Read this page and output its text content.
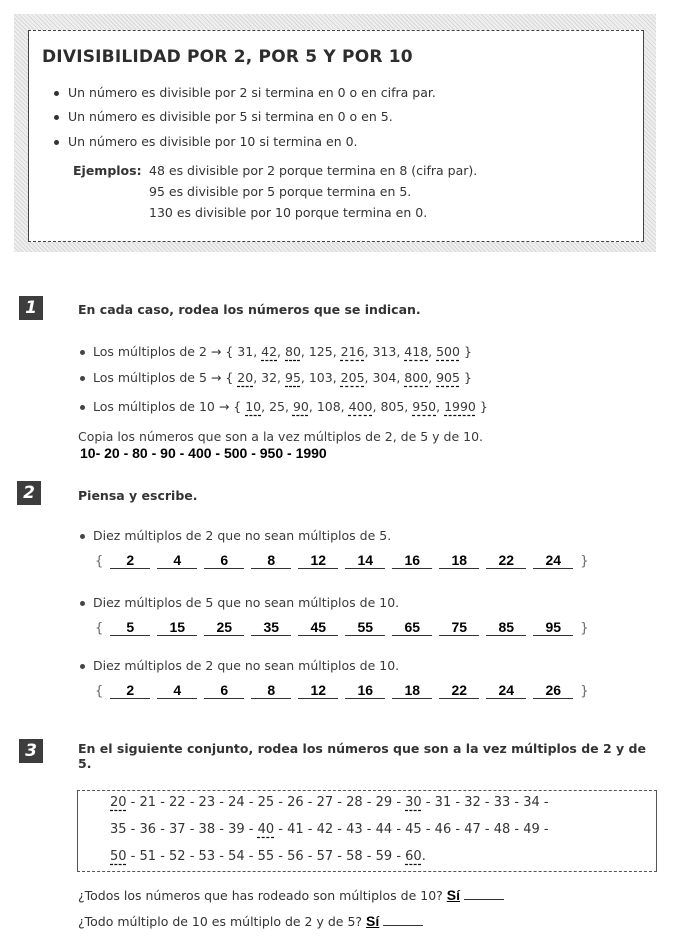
DIVISIBILIDAD POR 2, POR 5 Y POR 10
Un número es divisible por 2 si termina en 0 o en cifra par.
Un número es divisible por 5 si termina en 0 o en 5.
Un número es divisible por 10 si termina en 0.
Ejemplos: 48 es divisible por 2 porque termina en 8 (cifra par).
95 es divisible por 5 porque termina en 5.
130 es divisible por 10 porque termina en 0.
1	En cada caso, rodea los números que se indican.
Los múltiplos de 2 → { 31, 42, 80, 125, 216, 313, 418, 500 }
Los múltiplos de 5 → { 20, 32, 95, 103, 205, 304, 800, 905 }
Los múltiplos de 10 → { 10, 25, 90, 108, 400, 805, 950, 1990 }
Copia los números que son a la vez múltiplos de 2, de 5 y de 10.
10- 20 - 80 - 90 - 400 - 500 - 950 - 1990
2	Piensa y escribe.
Diez múltiplos de 2 que no sean múltiplos de 5.
{	2	4	6	8	12	14	16	18	22	24	}
Diez múltiplos de 5 que no sean múltiplos de 10.
{	5	15	25	35	45	55	65	75	85	95	}
Diez múltiplos de 2 que no sean múltiplos de 10.
{	2	4	6	8	12	16	18	22	24	26	}
3	En el siguiente conjunto, rodea los números que son a la vez múltiplos de 2 y de 5.
20 - 21 - 22 - 23 - 24 - 25 - 26 - 27 - 28 - 29 - 30 - 31 - 32 - 33 - 34 -
35 - 36 - 37 - 38 - 39 - 40 - 41 - 42 - 43 - 44 - 45 - 46 - 47 - 48 - 49 -
50 - 51 - 52 - 53 - 54 - 55 - 56 - 57 - 58 - 59 - 60.
¿Todos los números que has rodeado son múltiplos de 10? Sí
¿Todo múltiplo de 10 es múltiplo de 2 y de 5? Sí
